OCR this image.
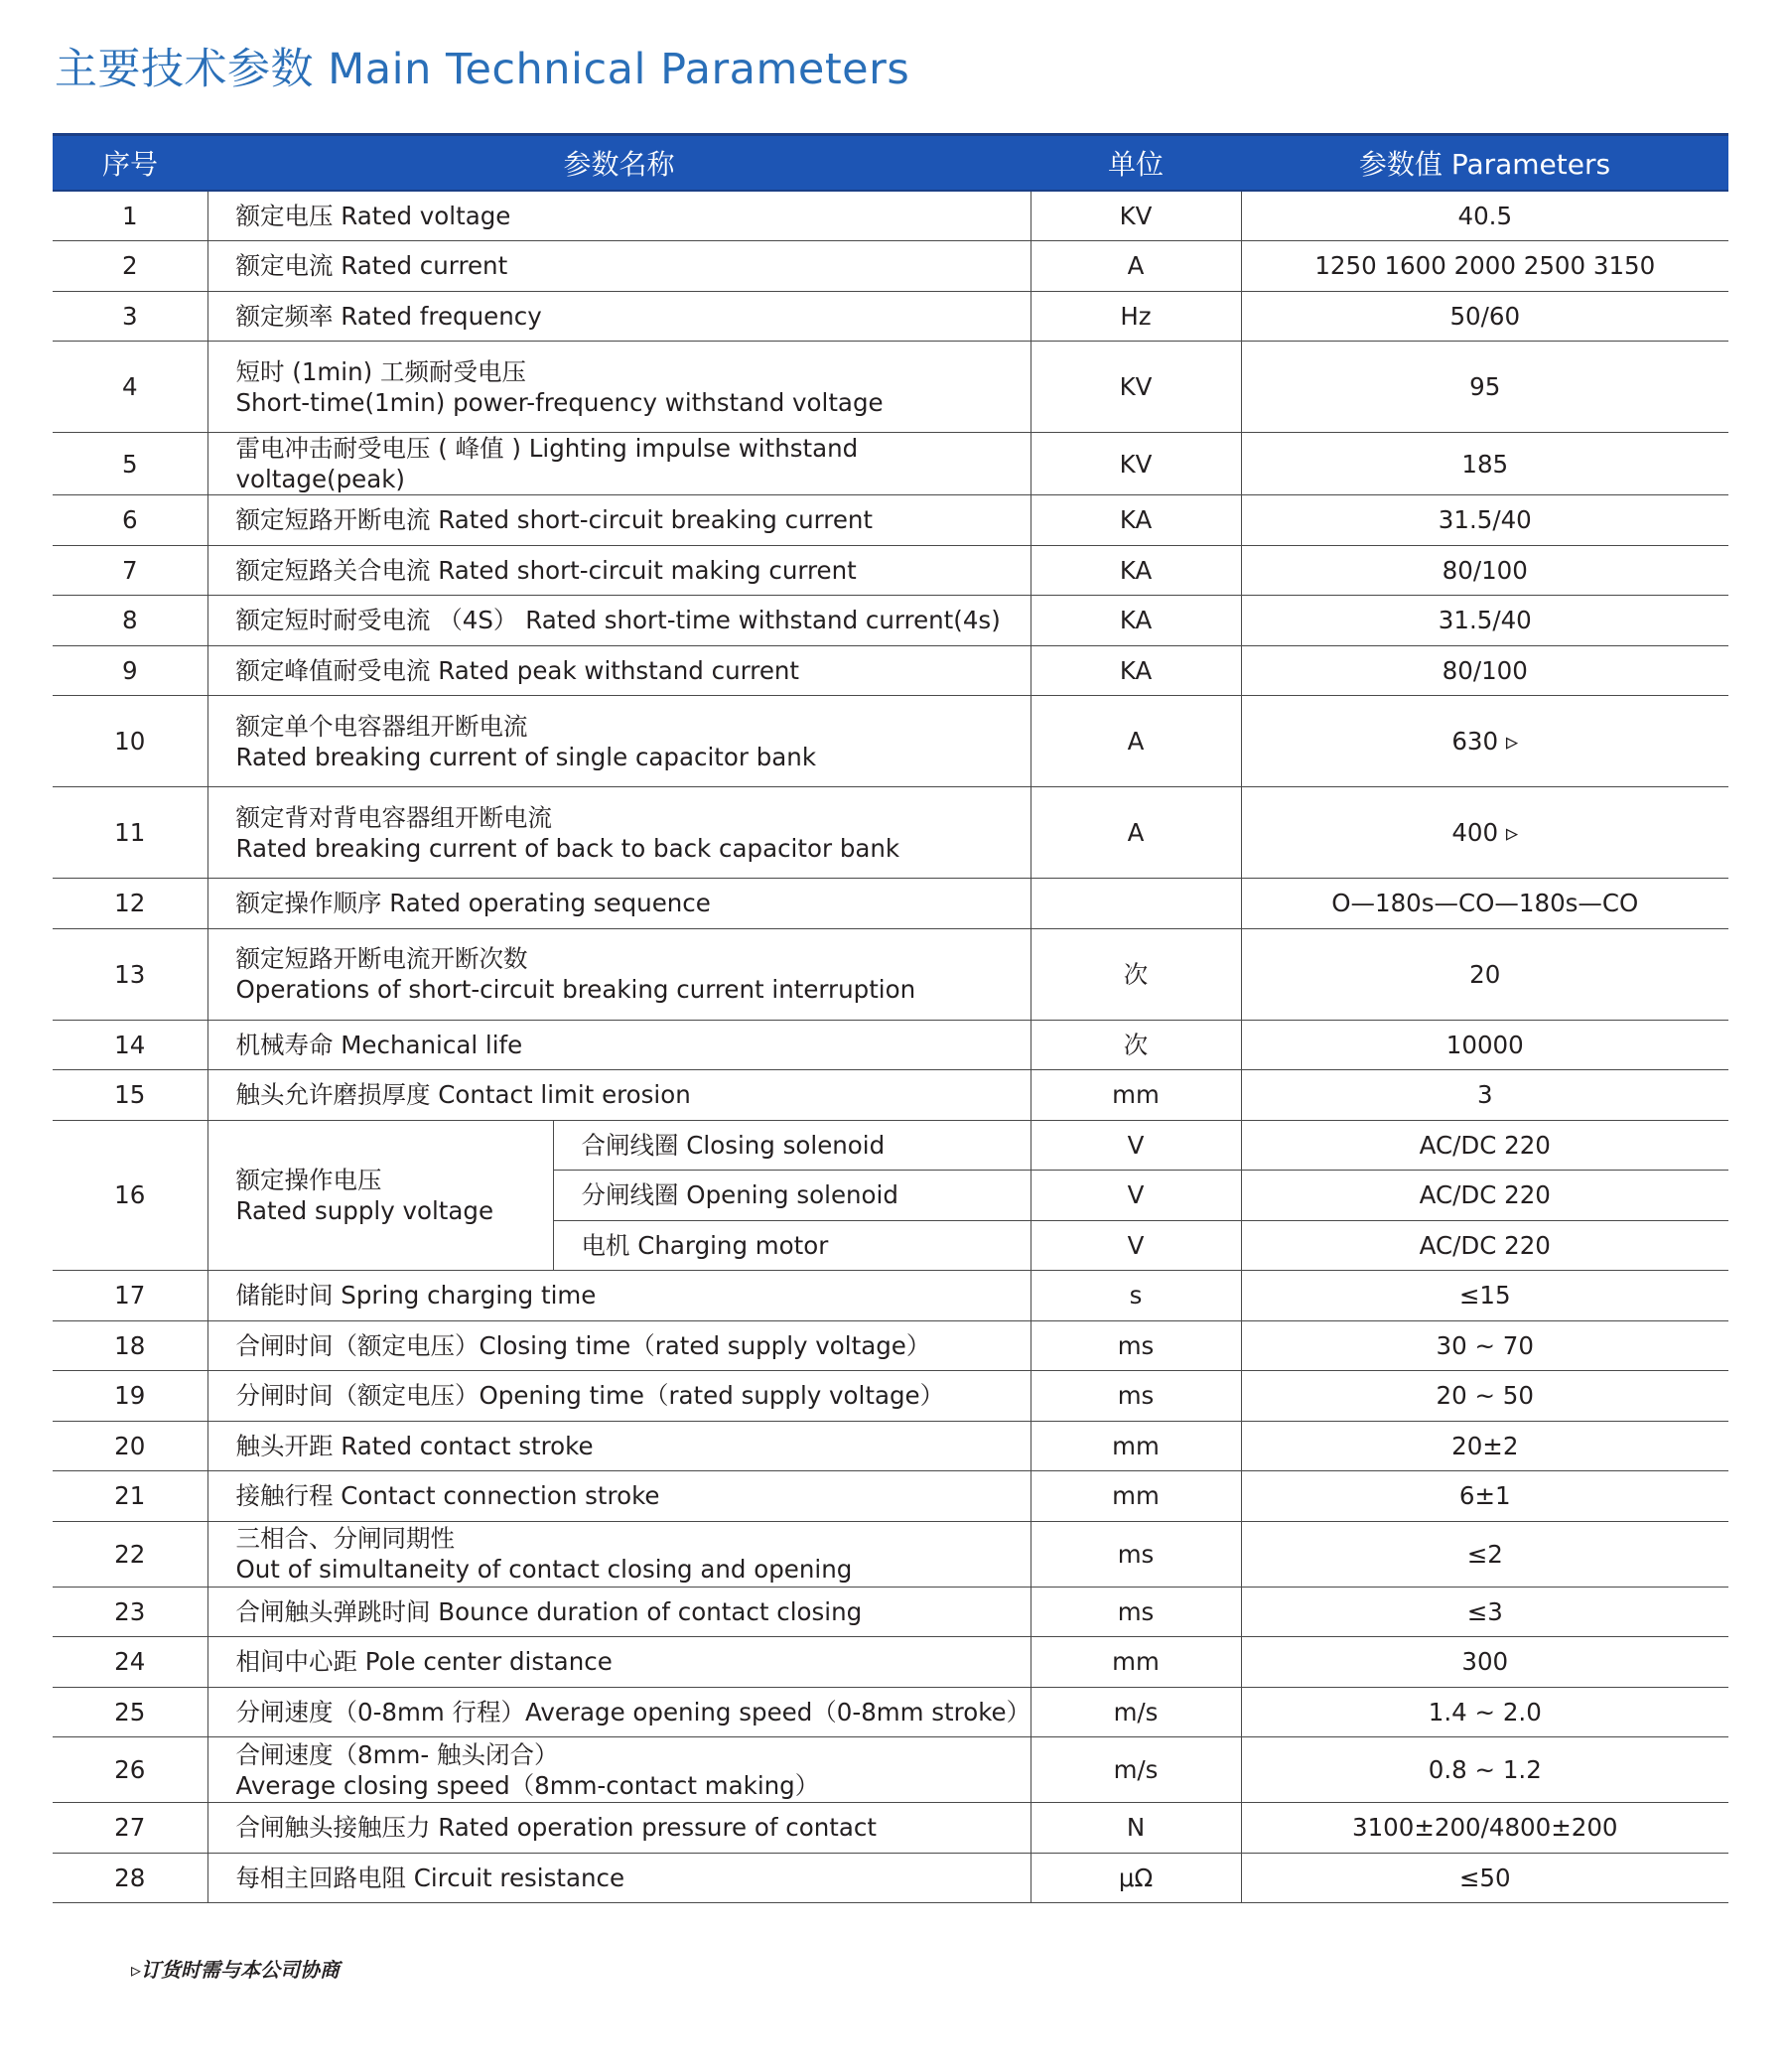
主要技术参数 Main Technical Parameters
序号	参数名称		单位	参数值 Parameters
1	额定电压 Rated voltage		KV	40.5
2	额定电流 Rated current		A	1250 1600 2000 2500 3150
3	额定频率 Rated frequency		Hz	50/60
4	短时 (1min) 工频耐受电压
Short-time(1min) power-frequency withstand voltage		KV	95
5	雷电冲击耐受电压 ( 峰值 ) Lighting impulse withstand voltage(peak)		KV	185
6	额定短路开断电流 Rated short-circuit breaking current		KA	31.5/40
7	额定短路关合电流 Rated short-circuit making current		KA	80/100
8	额定短时耐受电流 （4S） Rated short-time withstand current(4s)		KA	31.5/40
9	额定峰值耐受电流 Rated peak withstand current		KA	80/100
10	额定单个电容器组开断电流
Rated breaking current of single capacitor bank		A	630 ▹
11	额定背对背电容器组开断电流
Rated breaking current of back to back capacitor bank		A	400 ▹
12	额定操作顺序 Rated operating sequence			O—180s—CO—180s—CO
13	额定短路开断电流开断次数
Operations of short-circuit breaking current interruption		次	20
14	机械寿命 Mechanical life		次	10000
15	触头允许磨损厚度 Contact limit erosion		mm	3
16	额定操作电压
Rated supply voltage	合闸线圈 Closing solenoid	V	AC/DC 220
		分闸线圈 Opening solenoid	V	AC/DC 220
		电机 Charging motor	V	AC/DC 220
17	储能时间 Spring charging time		s	≤15
18	合闸时间（额定电压）Closing time（rated supply voltage）		ms	30 ~ 70
19	分闸时间（额定电压）Opening time（rated supply voltage）		ms	20 ~ 50
20	触头开距 Rated contact stroke		mm	20±2
21	接触行程 Contact connection stroke		mm	6±1
22	三相合、分闸同期性
Out of simultaneity of contact closing and opening		ms	≤2
23	合闸触头弹跳时间 Bounce duration of contact closing		ms	≤3
24	相间中心距 Pole center distance		mm	300
25	分闸速度（0-8mm 行程）Average opening speed（0-8mm stroke）		m/s	1.4 ~ 2.0
26	合闸速度（8mm- 触头闭合）
Average closing speed（8mm-contact making）		m/s	0.8 ~ 1.2
27	合闸触头接触压力 Rated operation pressure of contact		N	3100±200/4800±200
28	每相主回路电阻 Circuit resistance		μΩ	≤50
▹订货时需与本公司协商
